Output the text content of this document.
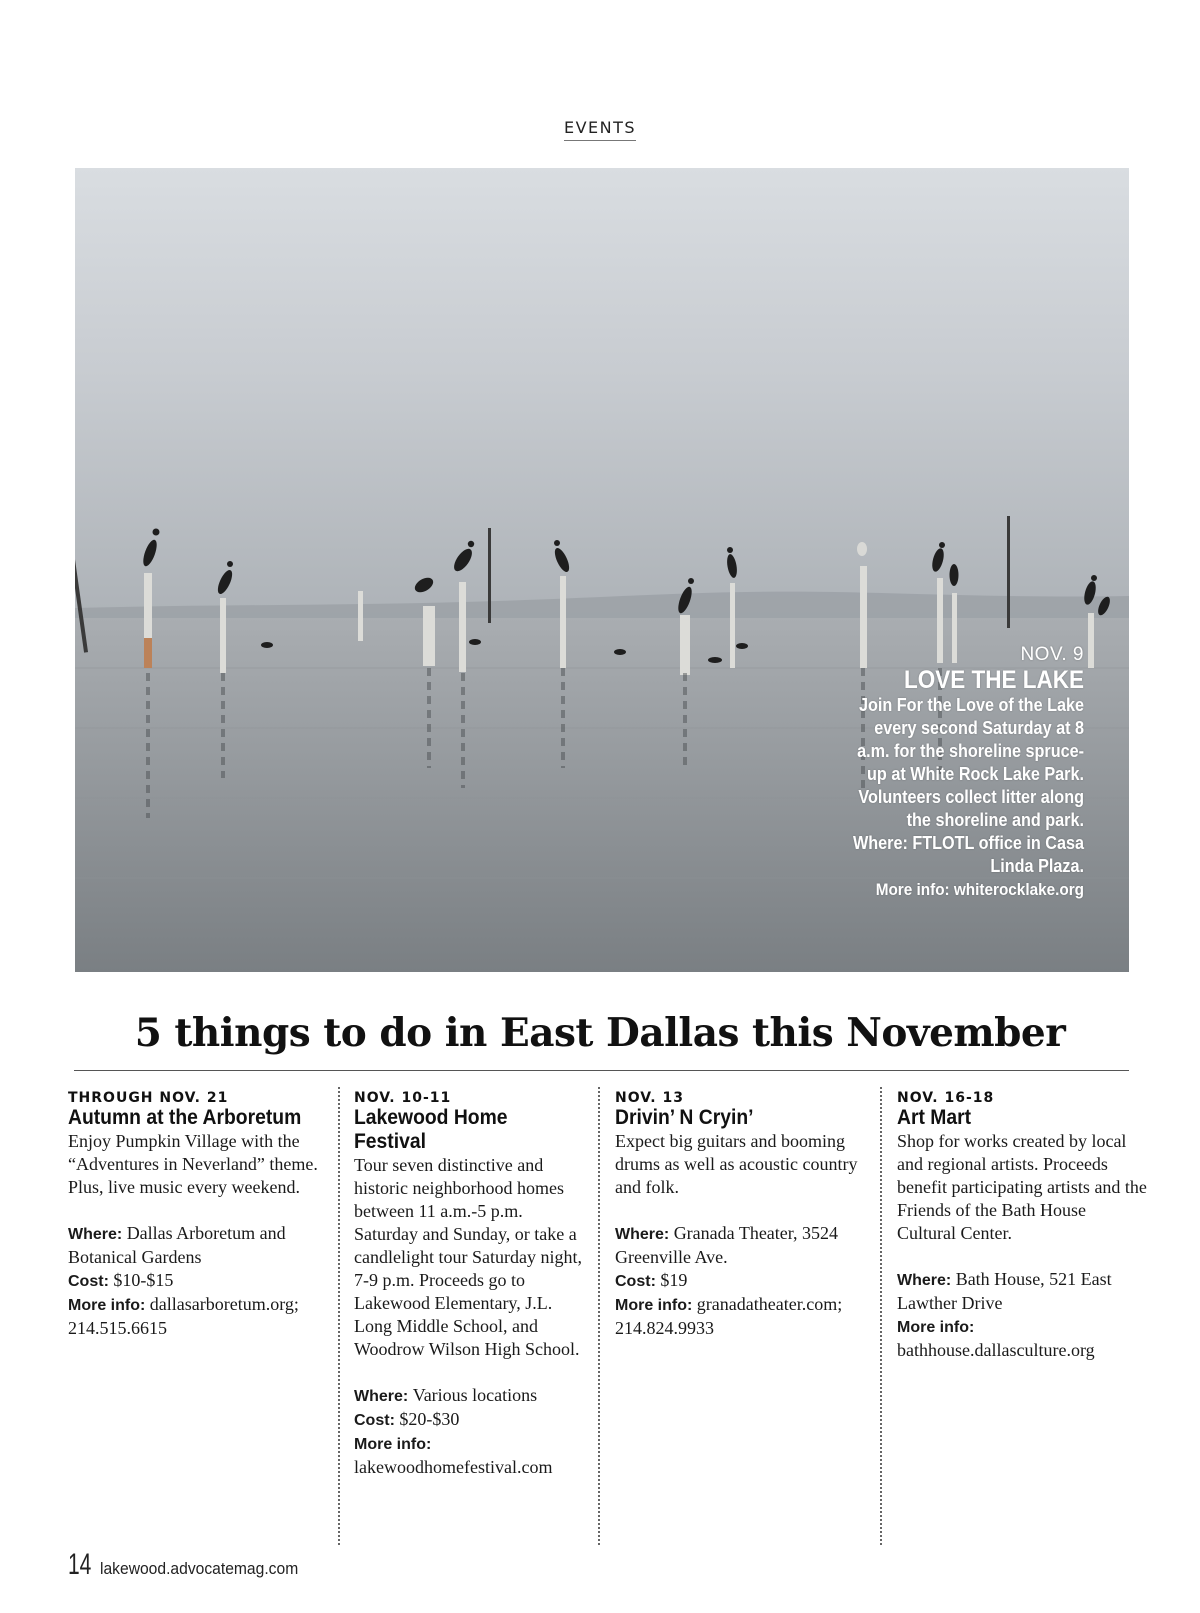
EVENTS
NOV. 9
LOVE THE LAKE
Join For the Love of the Lake every second Saturday at 8 a.m. for the shoreline spruce-up at White Rock Lake Park. Volunteers collect litter along the shoreline and park. Where: FTLOTL office in Casa Linda Plaza.
More info: whiterocklake.org
5 things to do in East Dallas this November
THROUGH NOV. 21
Autumn at the Arboretum

Enjoy Pumpkin Village with the “Adventures in Neverland” theme. Plus, live music every weekend.

Where: Dallas Arboretum and Botanical Gardens

Cost: $10-$15

More info: dallasarboretum.org; 214.515.6615

NOV. 10-11
Lakewood Home Festival

Tour seven distinctive and historic neighborhood homes between 11 a.m.-5 p.m. Saturday and Sunday, or take a candlelight tour Saturday night, 7-9 p.m. Proceeds go to Lakewood Elementary, J.L. Long Middle School, and Woodrow Wilson High School.

Where: Various locations

Cost: $20-$30

More info:

lakewoodhomefestival.com

NOV. 13
Drivin’ N Cryin’

Expect big guitars and booming drums as well as acoustic country and folk.

Where: Granada Theater, 3524 Greenville Ave.

Cost: $19

More info: granadatheater.com; 214.824.9933

NOV. 16-18
Art Mart

Shop for works created by local and regional artists. Proceeds benefit participating artists and the Friends of the Bath House Cultural Center.

Where: Bath House, 521 East Lawther Drive

More info: bathhouse.dallasculture.org

14 lakewood.advocatemag.com
